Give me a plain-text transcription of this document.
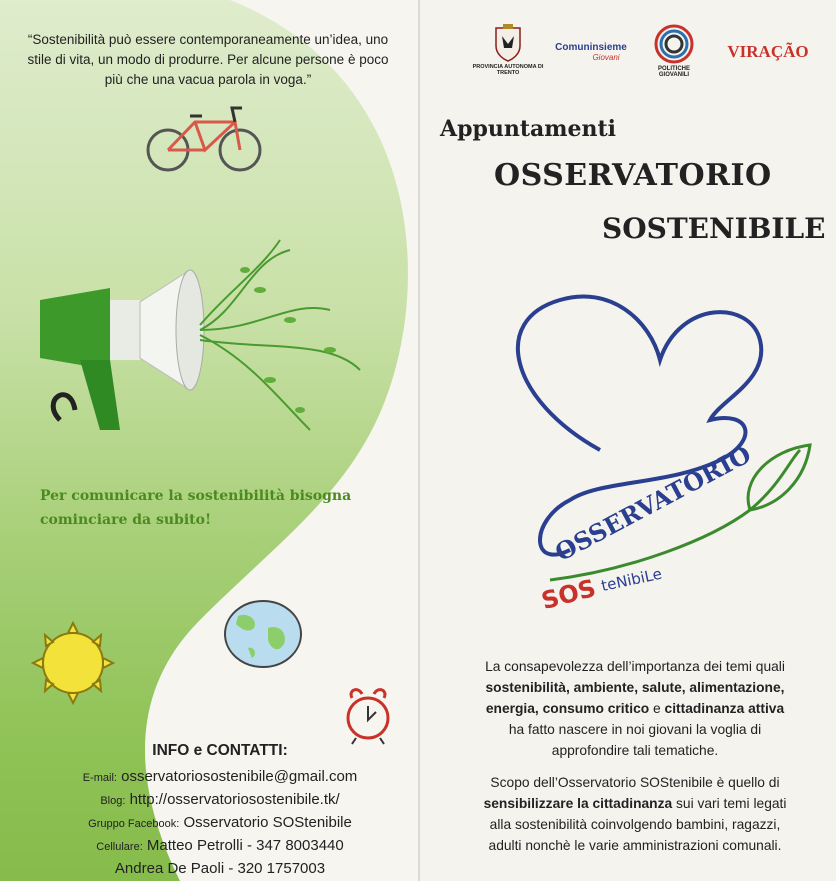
“Sostenibilità può essere contemporaneamente un’idea, uno stile di vita, un modo di produrre. Per alcune persone è poco più che una vacua parola in voga.”
Per comunicare la sostenibilità bisogna
cominciare da subito!
INFO e CONTATTI:
E-mail: osservatoriosostenibile@gmail.com
Blog: http://osservatoriosostenibile.tk/
Gruppo Facebook: Osservatorio SOStenibile
Cellulare: Matteo Petrolli - 347 8003440
Andrea De Paoli - 320 1757003
PROVINCIA AUTONOMA DI TRENTO
Comuninsieme
Giovani
POLITICHE GIOVANILI
VIRAÇÃO
Appuntamenti
OSSERVATORIO
SOSTENIBILE
OSSERVATORIO
SOS teNibiLe
La consapevolezza dell’importanza dei temi quali
sostenibilità, ambiente, salute, alimentazione,
energia, consumo critico e cittadinanza attiva
ha fatto nascere in noi giovani la voglia di
approfondire tali tematiche.
Scopo dell’Osservatorio SOStenibile è quello di
sensibilizzare la cittadinanza sui vari temi legati
alla sostenibilità coinvolgendo bambini, ragazzi,
adulti nonchè le varie amministrazioni comunali.
